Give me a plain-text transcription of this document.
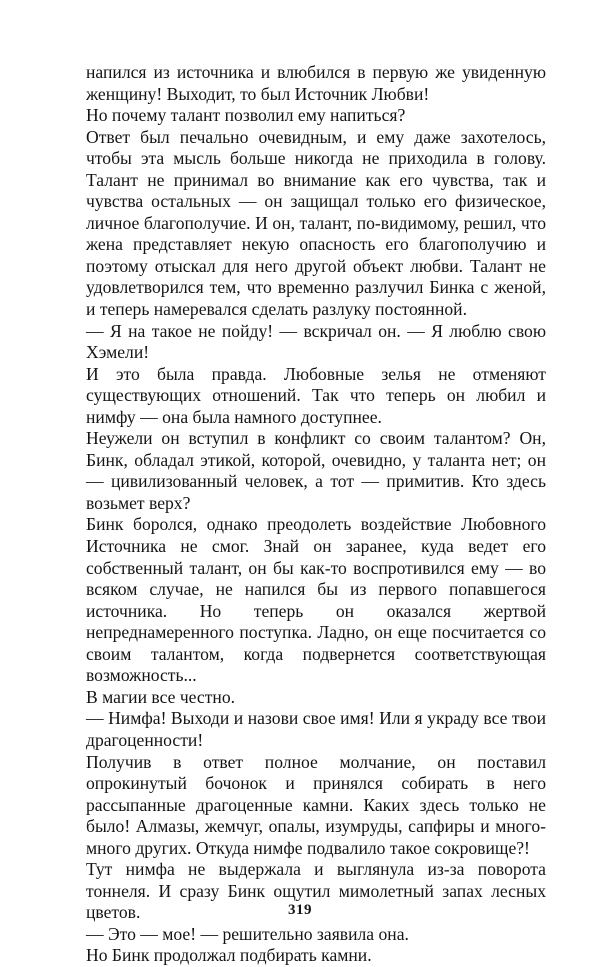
напился из источника и влюбился в первую же увиденную женщину! Выходит, то был Источник Любви!

Но почему талант позволил ему напиться?

Ответ был печально очевидным, и ему даже захотелось, чтобы эта мысль больше никогда не приходила в голову. Талант не принимал во внимание как его чувства, так и чувства остальных — он защищал только его физическое, личное благополучие. И он, талант, по-видимому, решил, что жена представляет некую опасность его благополучию и поэтому отыскал для него другой объект любви. Талант не удовлетворился тем, что временно разлучил Бинка с женой, и теперь намеревался сделать разлуку постоянной.

— Я на такое не пойду! — вскричал он. — Я люблю свою Хэмели!

И это была правда. Любовные зелья не отменяют существующих отношений. Так что теперь он любил и нимфу — она была намного доступнее.

Неужели он вступил в конфликт со своим талантом? Он, Бинк, обладал этикой, которой, очевидно, у таланта нет; он — цивилизованный человек, а тот — примитив. Кто здесь возьмет верх?

Бинк боролся, однако преодолеть воздействие Любовного Источника не смог. Знай он заранее, куда ведет его собственный талант, он бы как-то воспротивился ему — во всяком случае, не напился бы из первого попавшегося источника. Но теперь он оказался жертвой непреднамеренного поступка. Ладно, он еще посчитается со своим талантом, когда подвернется соответствующая возможность...

В магии все честно.

— Нимфа! Выходи и назови свое имя! Или я украду все твои драгоценности!

Получив в ответ полное молчание, он поставил опрокинутый бочонок и принялся собирать в него рассыпанные драгоценные камни. Каких здесь только не было! Алмазы, жемчуг, опалы, изумруды, сапфиры и много-много других. Откуда нимфе подвалило такое сокровище?!

Тут нимфа не выдержала и выглянула из-за поворота тоннеля. И сразу Бинк ощутил мимолетный запах лесных цветов.

— Это — мое! — решительно заявила она.

Но Бинк продолжал подбирать камни.

319
